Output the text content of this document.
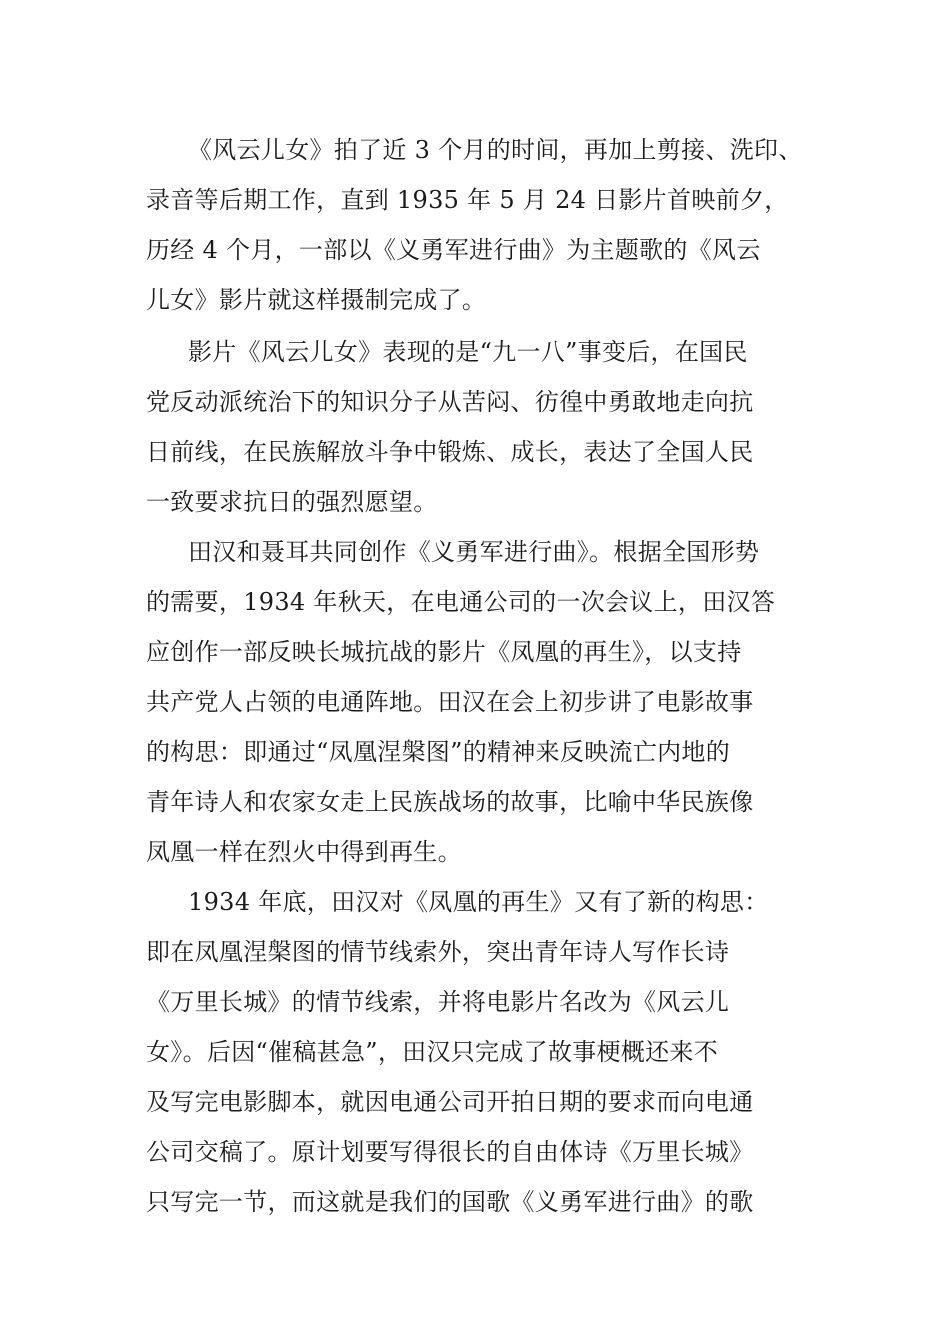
《风云儿女》拍了近 3 个月的时间，再加上剪接、洗印、
录音等后期工作，直到 1935 年 5 月 24 日影片首映前夕，
历经 4 个月，一部以《义勇军进行曲》为主题歌的《风云
儿女》影片就这样摄制完成了。
影片《风云儿女》表现的是“九一八”事变后，在国民
党反动派统治下的知识分子从苦闷、彷徨中勇敢地走向抗
日前线，在民族解放斗争中锻炼、成长，表达了全国人民
一致要求抗日的强烈愿望。
田汉和聂耳共同创作《义勇军进行曲》。根据全国形势
的需要，1934 年秋天，在电通公司的一次会议上，田汉答
应创作一部反映长城抗战的影片《凤凰的再生》，以支持
共产党人占领的电通阵地。田汉在会上初步讲了电影故事
的构思：即通过“凤凰涅槃图”的精神来反映流亡内地的
青年诗人和农家女走上民族战场的故事，比喻中华民族像
凤凰一样在烈火中得到再生。
1934 年底，田汉对《凤凰的再生》又有了新的构思：
即在凤凰涅槃图的情节线索外，突出青年诗人写作长诗
《万里长城》的情节线索，并将电影片名改为《风云儿
女》。后因“催稿甚急”，田汉只完成了故事梗概还来不
及写完电影脚本，就因电通公司开拍日期的要求而向电通
公司交稿了。原计划要写得很长的自由体诗《万里长城》
只写完一节，而这就是我们的国歌《义勇军进行曲》的歌
